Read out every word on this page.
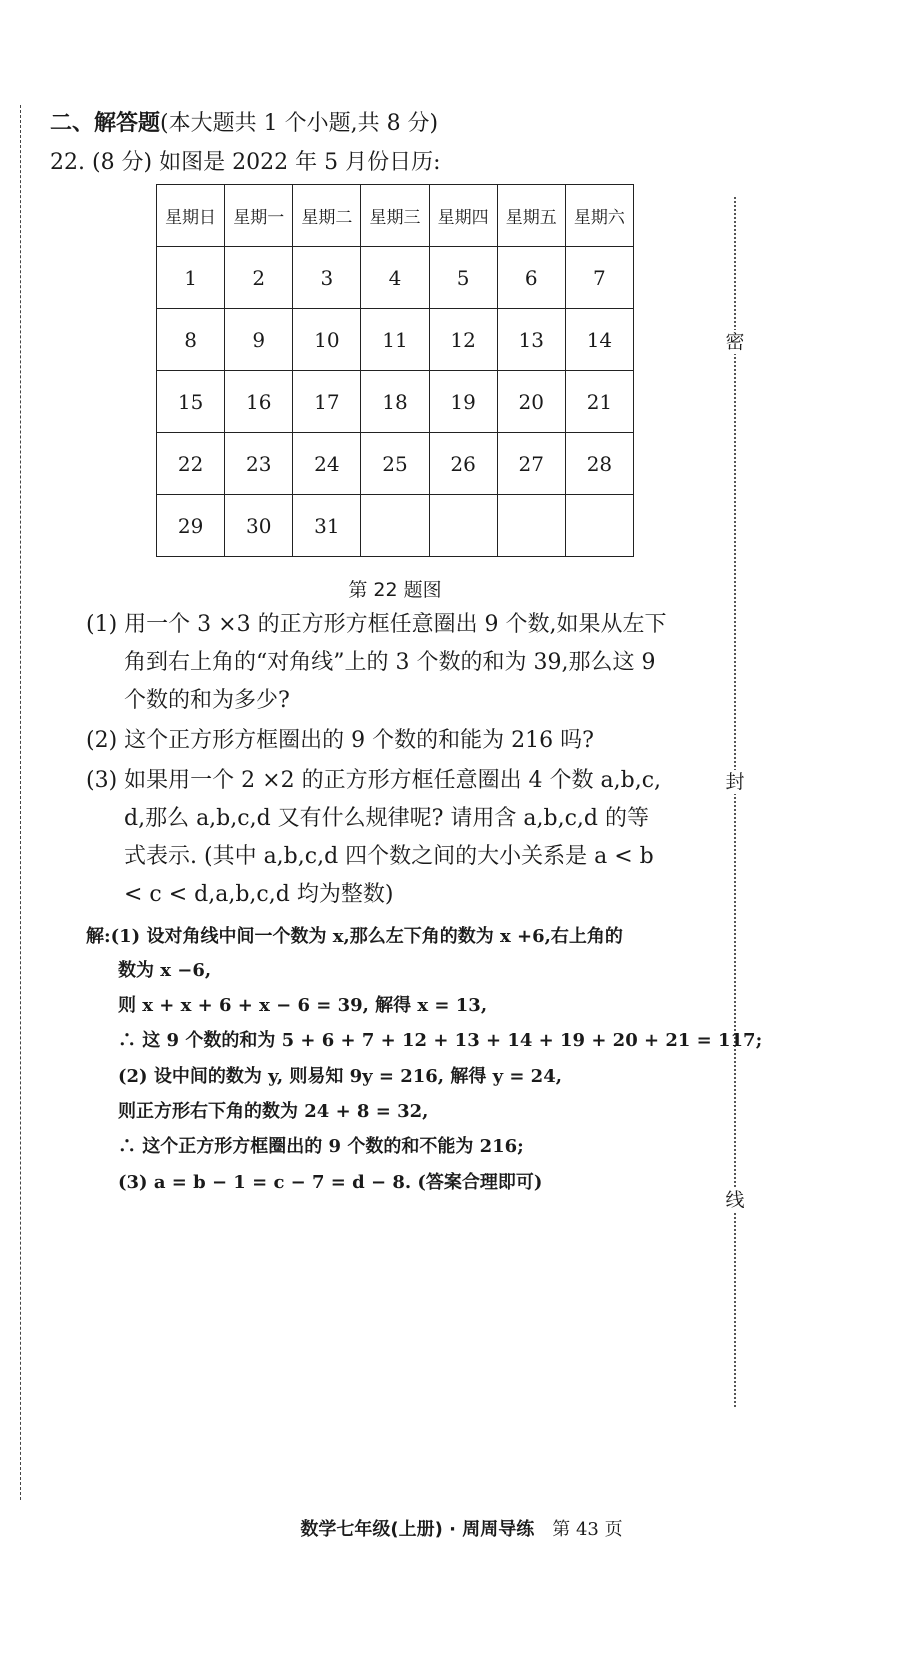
密
封
线
二、解答题(本大题共 1 个小题,共 8 分)
22. (8 分) 如图是 2022 年 5 月份日历:
星期日	星期一	星期二	星期三	星期四	星期五	星期六
1	2	3	4	5	6	7
8	9	10	11	12	13	14
15	16	17	18	19	20	21
22	23	24	25	26	27	28
29	30	31				
第 22 题图
(1) 用一个 3 ×3 的正方形方框任意圈出 9 个数,如果从左下
角到右上角的“对角线”上的 3 个数的和为 39,那么这 9
个数的和为多少?
(2) 这个正方形方框圈出的 9 个数的和能为 216 吗?
(3) 如果用一个 2 ×2 的正方形方框任意圈出 4 个数 a,b,c,
d,那么 a,b,c,d 又有什么规律呢? 请用含 a,b,c,d 的等
式表示. (其中 a,b,c,d 四个数之间的大小关系是 a < b
< c < d,a,b,c,d 均为整数)
解:(1) 设对角线中间一个数为 x,那么左下角的数为 x +6,右上角的
数为 x −6,
则 x + x + 6 + x − 6 = 39, 解得 x = 13,
∴ 这 9 个数的和为 5 + 6 + 7 + 12 + 13 + 14 + 19 + 20 + 21 = 117;
(2) 设中间的数为 y, 则易知 9y = 216, 解得 y = 24,
则正方形右下角的数为 24 + 8 = 32,
∴ 这个正方形方框圈出的 9 个数的和不能为 216;
(3) a = b − 1 = c − 7 = d − 8. (答案合理即可)
数学七年级(上册) · 周周导练 第 43 页
